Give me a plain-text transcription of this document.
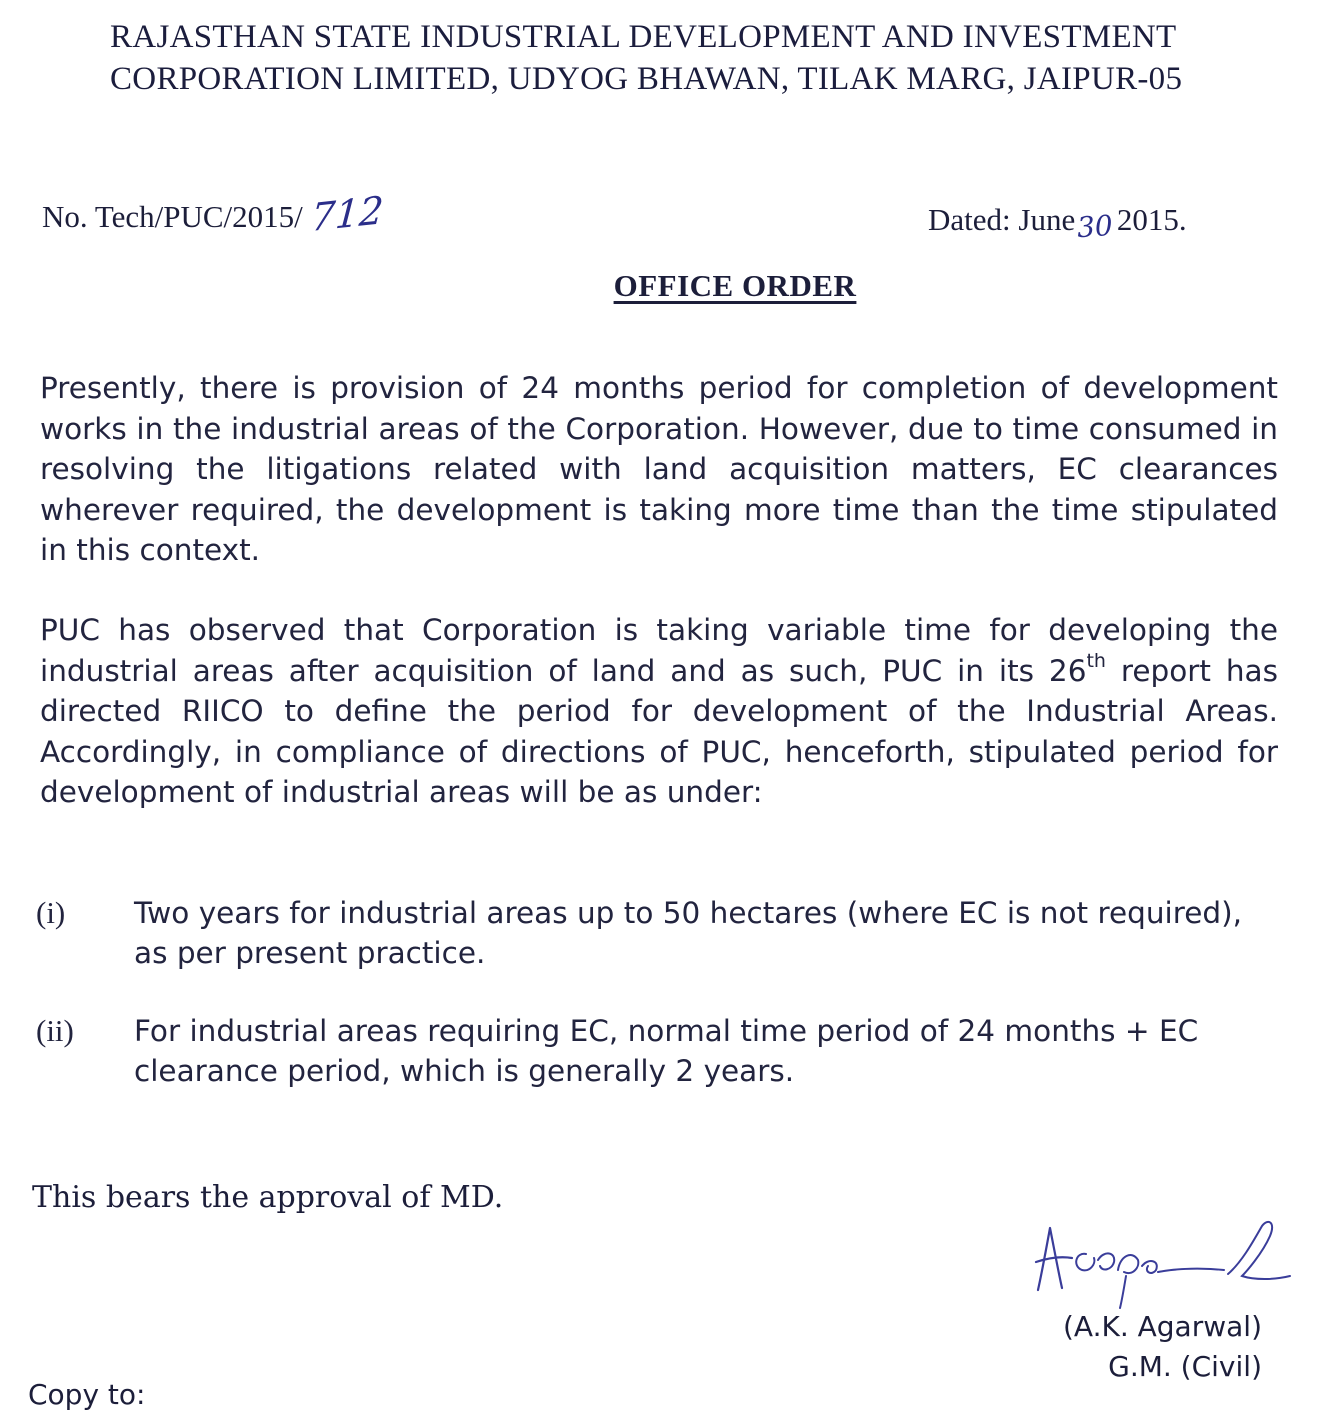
RAJASTHAN STATE INDUSTRIAL DEVELOPMENT AND INVESTMENT
CORPORATION LIMITED, UDYOG BHAWAN, TILAK MARG, JAIPUR-05
No. Tech/PUC/2015/ 712	Dated: June302015.
OFFICE ORDER
Presently, there is provision of 24 months period for completion of development works in the industrial areas of the Corporation. However, due to time consumed in resolving the litigations related with land acquisition matters, EC clearances wherever required, the development is taking more time than the time stipulated in this context.
PUC has observed that Corporation is taking variable time for developing the industrial areas after acquisition of land and as such, PUC in its 26th report has directed RIICO to define the period for development of the Industrial Areas. Accordingly, in compliance of directions of PUC, henceforth, stipulated period for development of industrial areas will be as under:
(i) Two years for industrial areas up to 50 hectares (where EC is not required), as per present practice.
(ii) For industrial areas requiring EC, normal time period of 24 months + EC clearance period, which is generally 2 years.
This bears the approval of MD.
(A.K. Agarwal)
G.M. (Civil)
Copy to:
